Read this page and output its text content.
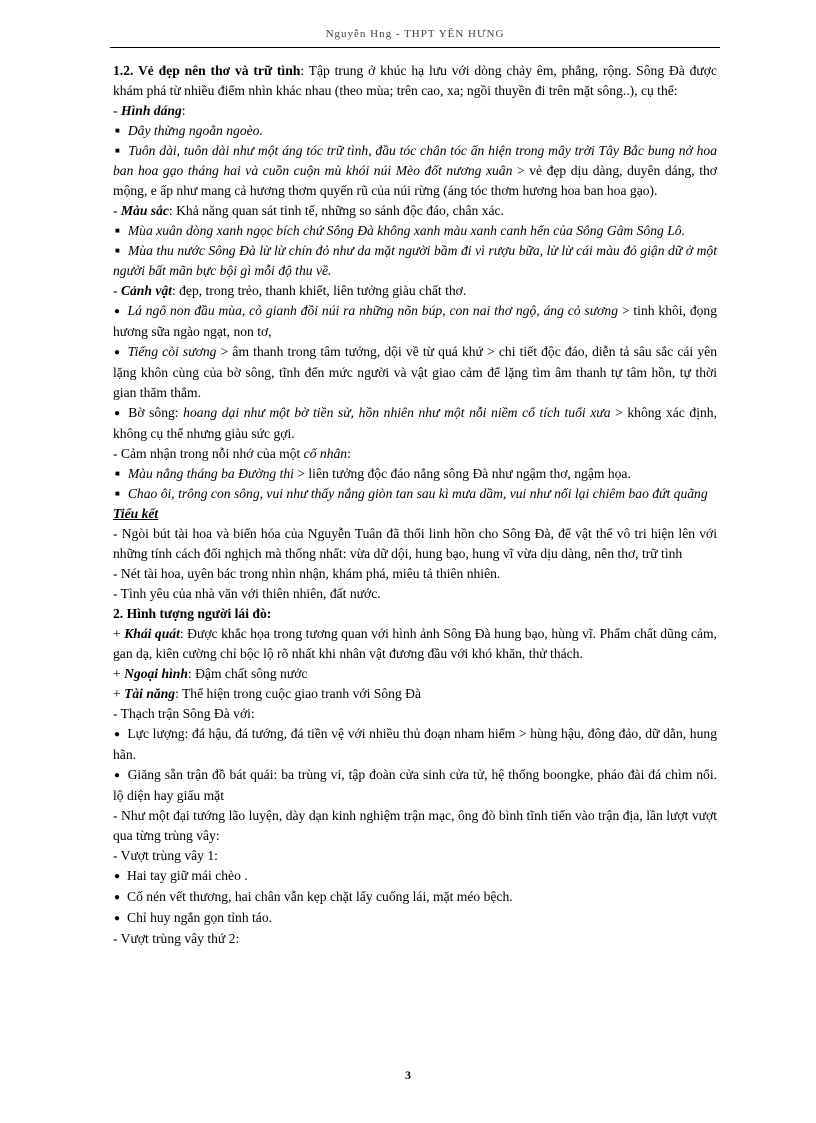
Nguyễn Hng - THPT YÊN HƯNG

1.2. Vẻ đẹp nên thơ và trữ tình: Tập trung ở khúc hạ lưu với dòng chảy êm, phẳng, rộng. Sông Đà được khám phá từ nhiều điểm nhìn khác nhau (theo mùa; trên cao, xa; ngồi thuyền đi trên mặt sông..), cụ thể:

- Hình dáng:

■ Dây thừng ngoằn ngoèo.

■ Tuôn dài, tuôn dài như một áng tóc trữ tình, đầu tóc chân tóc ẩn hiện trong mây trời Tây Bắc bung nở hoa ban hoa gạo tháng hai và cuồn cuộn mù khói núi Mèo đốt nương xuân > vẻ đẹp dịu dàng, duyên dáng, thơ mộng, e ấp như mang cả hương thơm quyến rũ của núi rừng (áng tóc thơm hương hoa ban hoa gạo).

- Màu sắc: Khả năng quan sát tinh tế, những so sánh độc đáo, chân xác.

■ Mùa xuân dòng xanh ngọc bích chứ Sông Đà không xanh màu xanh canh hến của Sông Gâm Sông Lô.

■ Mùa thu nước Sông Đà lừ lừ chín đỏ như da mặt người bầm đi vì rượu bữa, lừ lừ cái màu đỏ giận dữ ở một người bất mãn bực bội gì mỗi độ thu về.

- Cảnh vật: đẹp, trong trẻo, thanh khiết, liên tưởng giàu chất thơ.

● Lá ngô non đầu mùa, cỏ gianh đồi núi ra những nõn búp, con nai thơ ngộ, áng cỏ sương > tinh khôi, đọng hương sữa ngào ngạt, non tơ,

● Tiếng còi sương > âm thanh trong tâm tưởng, dội về từ quá khứ > chi tiết độc đáo, diễn tả sâu sắc cái yên lặng khôn cùng của bờ sông, tĩnh đến mức người và vật giao cảm để lặng tìm âm thanh tự tâm hồn, tự thời gian thăm thẳm.

● Bờ sông: hoang dại như một bờ tiền sử, hồn nhiên như một nỗi niềm cổ tích tuổi xưa > không xác định, không cụ thể nhưng giàu sức gợi.

- Cảm nhận trong nỗi nhớ của một cố nhân:

■ Màu nắng tháng ba Đường thi > liên tưởng độc đáo nắng sông Đà như ngậm thơ, ngậm họa.

■ Chao ôi, trông con sông, vui như thấy nắng giòn tan sau kì mưa dầm, vui như nối lại chiêm bao đứt quãng

Tiểu kết

- Ngòi bút tài hoa và biến hóa của Nguyễn Tuân đã thổi linh hồn cho Sông Đà, để vật thể vô tri hiện lên với những tính cách đối nghịch mà thống nhất: vừa dữ dội, hung bạo, hung vĩ vừa dịu dàng, nên thơ, trữ tình

- Nét tài hoa, uyên bác trong nhìn nhận, khám phá, miêu tả thiên nhiên.

- Tình yêu của nhà văn với thiên nhiên, đất nước.

2. Hình tượng người lái đò:

+ Khái quát: Được khắc họa trong tương quan với hình ảnh Sông Đà hung bạo, hùng vĩ. Phẩm chất dũng cảm, gan dạ, kiên cường chỉ bộc lộ rõ nhất khi nhân vật đương đầu với khó khăn, thử thách.

+ Ngoại hình: Đậm chất sông nước

+ Tài năng: Thể hiện trong cuộc giao tranh với Sông Đà

- Thạch trận Sông Đà với:

● Lực lượng: đá hậu, đá tướng, đá tiền vệ với nhiều thủ đoạn nham hiểm > hùng hậu, đông đảo, dữ dằn, hung hãn.

● Giăng sẵn trận đồ bát quái: ba trùng vi, tập đoàn cửa sinh cửa tử, hệ thống boongke, pháo đài đá chìm nổi. lộ diện hay giấu mặt

- Như một đại tướng lão luyện, dày dạn kinh nghiệm trận mạc, ông đò bình tĩnh tiến vào trận địa, lần lượt vượt qua từng trùng vây:

- Vượt trùng vây 1:

● Hai tay giữ mái chèo .

● Cố nén vết thương, hai chân vẫn kẹp chặt lấy cuống lái, mặt méo bệch.

● Chỉ huy ngắn gọn tỉnh táo.

- Vượt trùng vây thứ 2:

3
